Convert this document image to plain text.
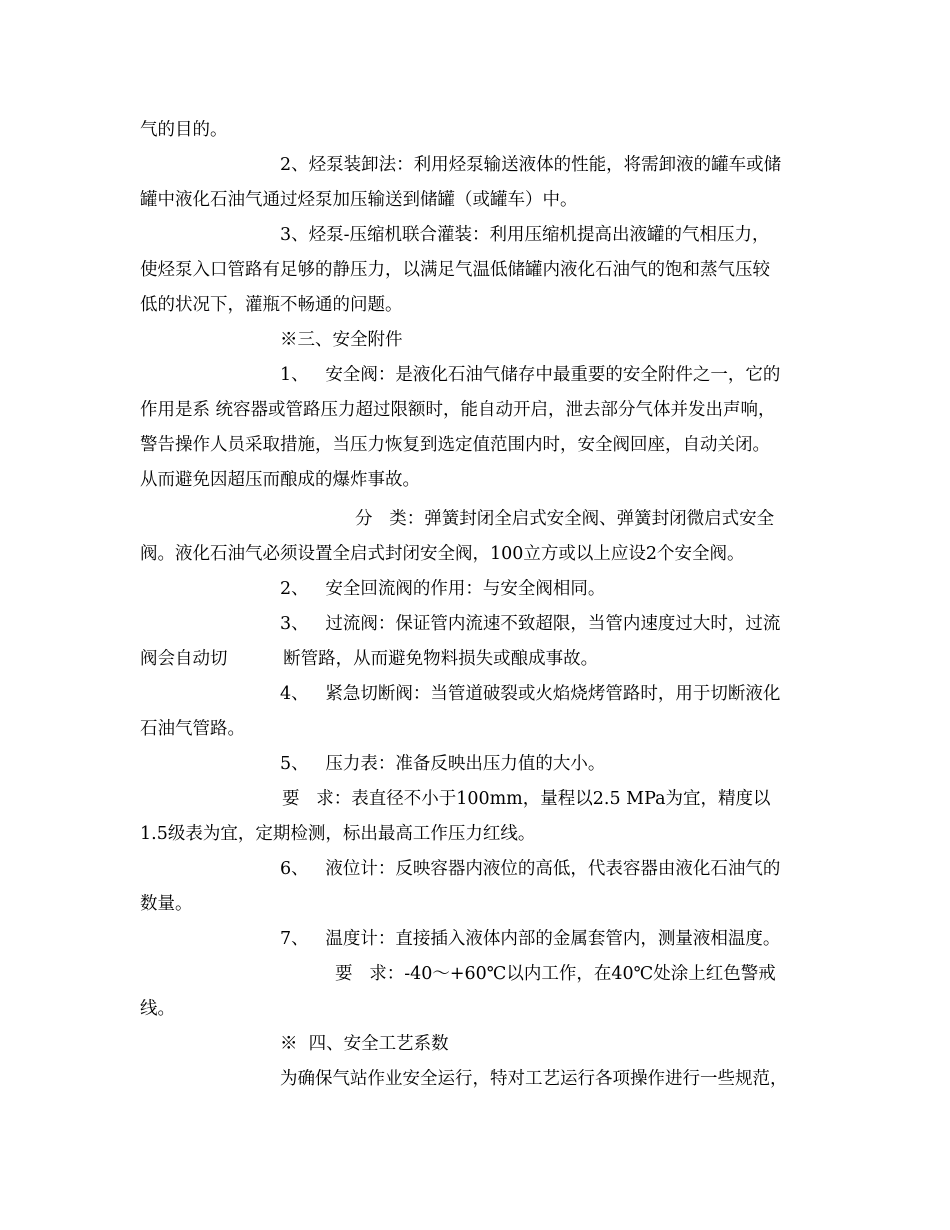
气的目的。
2、烃泵装卸法：利用烃泵输送液体的性能，将需卸液的罐车或储
罐中液化石油气通过烃泵加压输送到储罐（或罐车）中。
3、烃泵-压缩机联合灌装：利用压缩机提高出液罐的气相压力，
使烃泵入口管路有足够的静压力，以满足气温低储罐内液化石油气的饱和蒸气压较
低的状况下，灌瓶不畅通的问题。
※三、安全附件
1、   安全阀：是液化石油气储存中最重要的安全附件之一，它的
作用是系 统容器或管路压力超过限额时，能自动开启，泄去部分气体并发出声响，
警告操作人员采取措施，当压力恢复到选定值范围内时，安全阀回座，自动关闭。
从而避免因超压而酿成的爆炸事故。
分   类：弹簧封闭全启式安全阀、弹簧封闭微启式安全
阀。液化石油气必须设置全启式封闭安全阀，100立方或以上应设2个安全阀。
2、   安全回流阀的作用：与安全阀相同。
3、   过流阀：保证管内流速不致超限，当管内速度过大时，过流
阀会自动切          断管路，从而避免物料损失或酿成事故。
4、   紧急切断阀：当管道破裂或火焰烧烤管路时，用于切断液化
石油气管路。
5、   压力表：准备反映出压力值的大小。
要   求：表直径不小于100mm，量程以2.5 MPa为宜，精度以
1.5级表为宜，定期检测，标出最高工作压力红线。
6、   液位计：反映容器内液位的高低，代表容器由液化石油气的
数量。
7、   温度计：直接插入液体内部的金属套管内，测量液相温度。
要   求：-40～+60℃以内工作，在40℃处涂上红色警戒
线。
※  四、安全工艺系数
为确保气站作业安全运行，特对工艺运行各项操作进行一些规范，
